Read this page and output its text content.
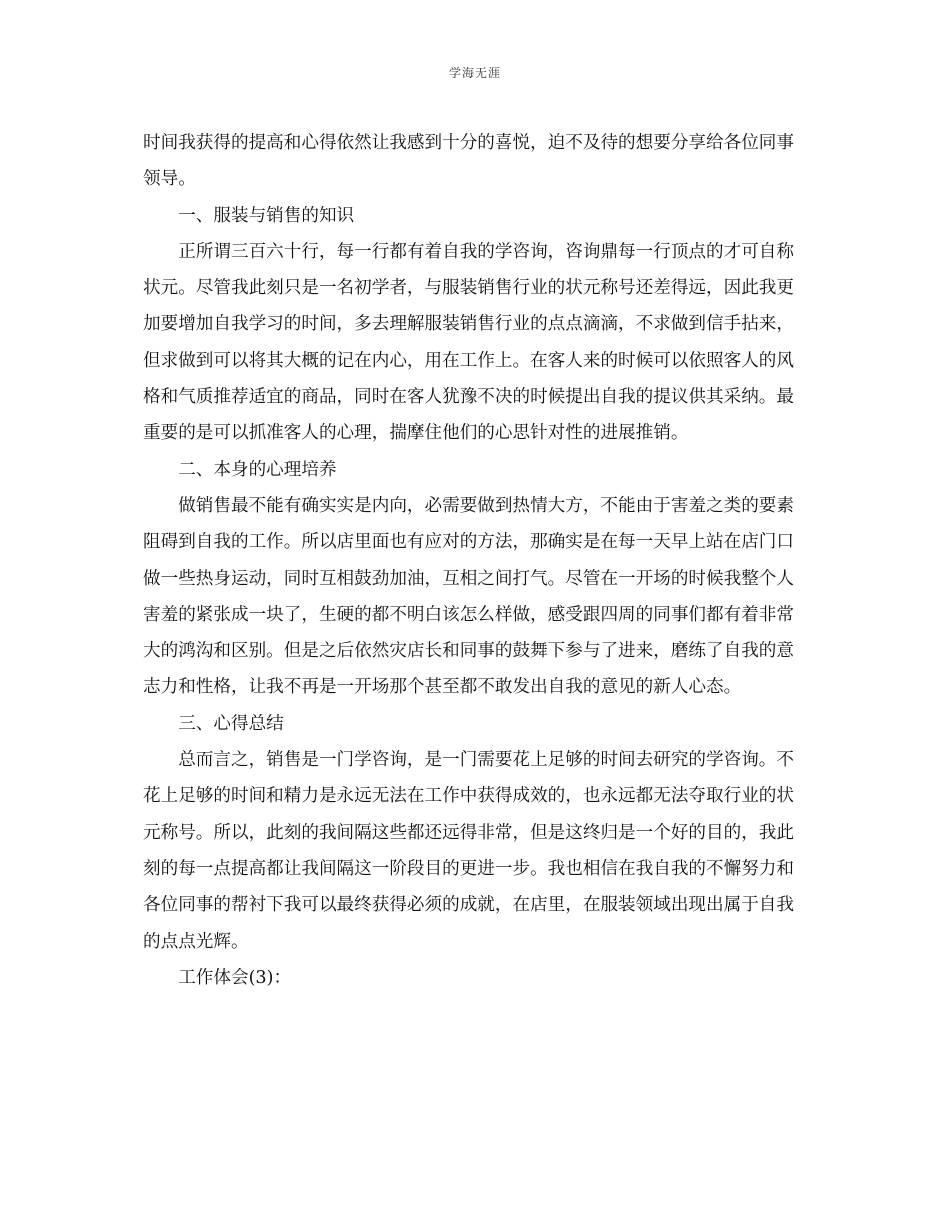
学海无涯

时间我获得的提高和心得依然让我感到十分的喜悦，迫不及待的想要分享给各位同事领导。

一、服装与销售的知识

正所谓三百六十行，每一行都有着自我的学咨询，咨询鼎每一行顶点的才可自称状元。尽管我此刻只是一名初学者，与服装销售行业的状元称号还差得远，因此我更加要增加自我学习的时间，多去理解服装销售行业的点点滴滴，不求做到信手拈来，但求做到可以将其大概的记在内心，用在工作上。在客人来的时候可以依照客人的风格和气质推荐适宜的商品，同时在客人犹豫不决的时候提出自我的提议供其采纳。最重要的是可以抓准客人的心理，揣摩住他们的心思针对性的进展推销。

二、本身的心理培养

做销售最不能有确实实是内向，必需要做到热情大方，不能由于害羞之类的要素阻碍到自我的工作。所以店里面也有应对的方法，那确实是在每一天早上站在店门口做一些热身运动，同时互相鼓劲加油，互相之间打气。尽管在一开场的时候我整个人害羞的紧张成一块了，生硬的都不明白该怎么样做，感受跟四周的同事们都有着非常大的鸿沟和区别。但是之后依然灾店长和同事的鼓舞下参与了进来，磨练了自我的意志力和性格，让我不再是一开场那个甚至都不敢发出自我的意见的新人心态。

三、心得总结

总而言之，销售是一门学咨询，是一门需要花上足够的时间去研究的学咨询。不花上足够的时间和精力是永远无法在工作中获得成效的，也永远都无法夺取行业的状元称号。所以，此刻的我间隔这些都还远得非常，但是这终归是一个好的目的，我此刻的每一点提高都让我间隔这一阶段目的更进一步。我也相信在我自我的不懈努力和各位同事的帮衬下我可以最终获得必须的成就，在店里，在服装领域出现出属于自我的点点光辉。

工作体会(3)：
